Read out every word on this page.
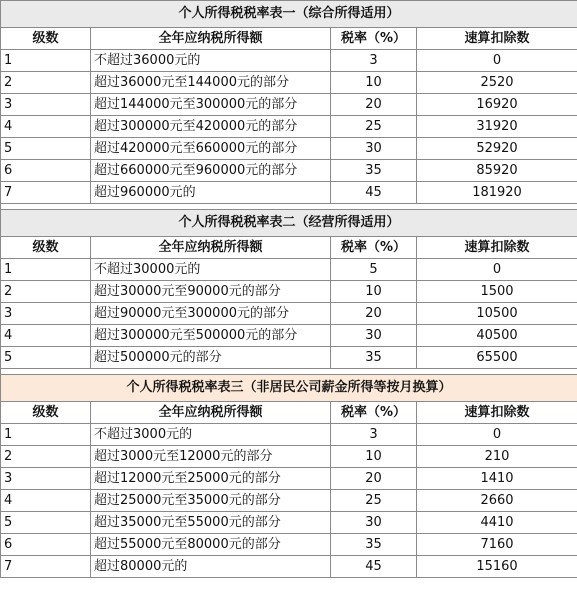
个人所得税税率表一（综合所得适用）			
级数	全年应纳税所得额	税率（%）	速算扣除数
1	不超过36000元的	3	0
2	超过36000元至144000元的部分	10	2520
3	超过144000元至300000元的部分	20	16920
4	超过300000元至420000元的部分	25	31920
5	超过420000元至660000元的部分	30	52920
6	超过660000元至960000元的部分	35	85920
7	超过960000元的	45	181920

个人所得税税率表二（经营所得适用）			
级数	全年应纳税所得额	税率（%）	速算扣除数
1	不超过30000元的	5	0
2	超过30000元至90000元的部分	10	1500
3	超过90000元至300000元的部分	20	10500
4	超过300000元至500000元的部分	30	40500
5	超过500000元的部分	35	65500

个人所得税税率表三（非居民公司薪金所得等按月换算）			
级数	全年应纳税所得额	税率（%）	速算扣除数
1	不超过3000元的	3	0
2	超过3000元至12000元的部分	10	210
3	超过12000元至25000元的部分	20	1410
4	超过25000元至35000元的部分	25	2660
5	超过35000元至55000元的部分	30	4410
6	超过55000元至80000元的部分	35	7160
7	超过80000元的	45	15160
